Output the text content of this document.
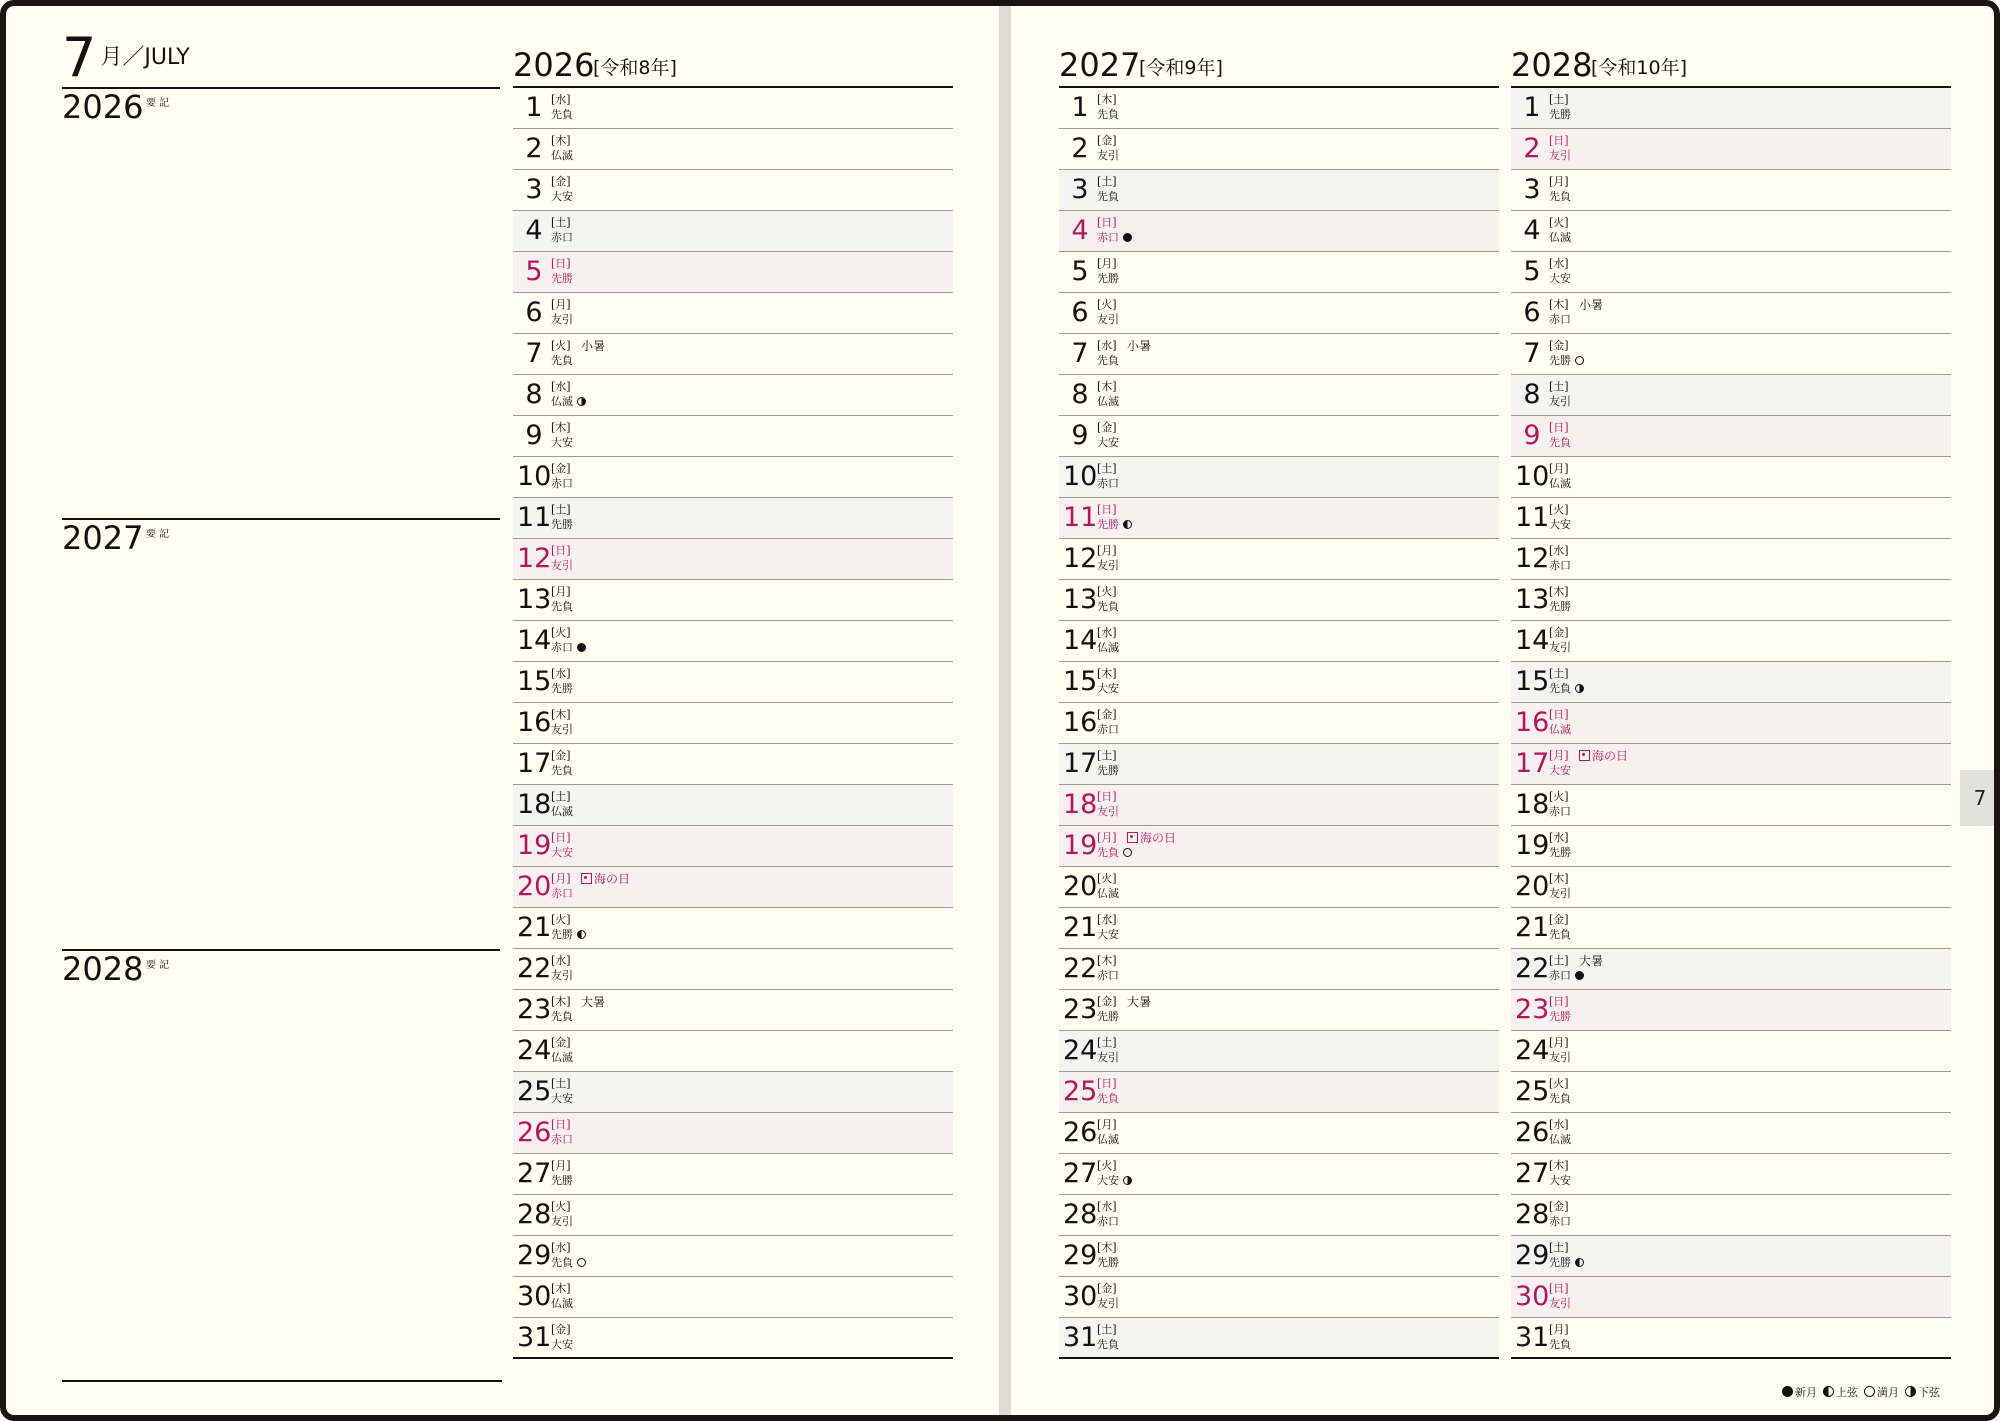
7 月／JULY
2026 要 記
2027 要 記
2028 要 記
2026
[令和8年]
1 [水]
先負
2 [木]
仏滅
3 [金]
大安
4 [土]
赤口
5 [日]
先勝
6 [月]
友引
7 [火]
先負
小暑
8 [水]
仏滅
9 [木]
大安
10 [金]
赤口
11 [土]
先勝
12 [日]
友引
13 [月]
先負
14 [火]
赤口
15 [水]
先勝
16 [木]
友引
17 [金]
先負
18 [土]
仏滅
19 [日]
大安
20 [月]
赤口
海の日
21 [火]
先勝
22 [水]
友引
23 [木]
先負
大暑
24 [金]
仏滅
25 [土]
大安
26 [日]
赤口
27 [月]
先勝
28 [火]
友引
29 [水]
先負
30 [木]
仏滅
31 [金]
大安
2027
[令和9年]
1 [木]
先負
2 [金]
友引
3 [土]
先負
4 [日]
赤口
5 [月]
先勝
6 [火]
友引
7 [水]
先負
小暑
8 [木]
仏滅
9 [金]
大安
10 [土]
赤口
11 [日]
先勝
12 [月]
友引
13 [火]
先負
14 [水]
仏滅
15 [木]
大安
16 [金]
赤口
17 [土]
先勝
18 [日]
友引
19 [月]
先負
海の日
20 [火]
仏滅
21 [水]
大安
22 [木]
赤口
23 [金]
先勝
大暑
24 [土]
友引
25 [日]
先負
26 [月]
仏滅
27 [火]
大安
28 [水]
赤口
29 [木]
先勝
30 [金]
友引
31 [土]
先負
2028
[令和10年]
1 [土]
先勝
2 [日]
友引
3 [月]
先負
4 [火]
仏滅
5 [水]
大安
6 [木]
赤口
小暑
7 [金]
先勝
8 [土]
友引
9 [日]
先負
10 [月]
仏滅
11 [火]
大安
12 [水]
赤口
13 [木]
先勝
14 [金]
友引
15 [土]
先負
16 [日]
仏滅
17 [月]
大安
海の日
18 [火]
赤口
19 [水]
先勝
20 [木]
友引
21 [金]
先負
22 [土]
赤口
大暑
23 [日]
先勝
24 [月]
友引
25 [火]
先負
26 [水]
仏滅
27 [木]
大安
28 [金]
赤口
29 [土]
先勝
30 [日]
友引
31 [月]
先負
7
新月 上弦 満月 下弦
